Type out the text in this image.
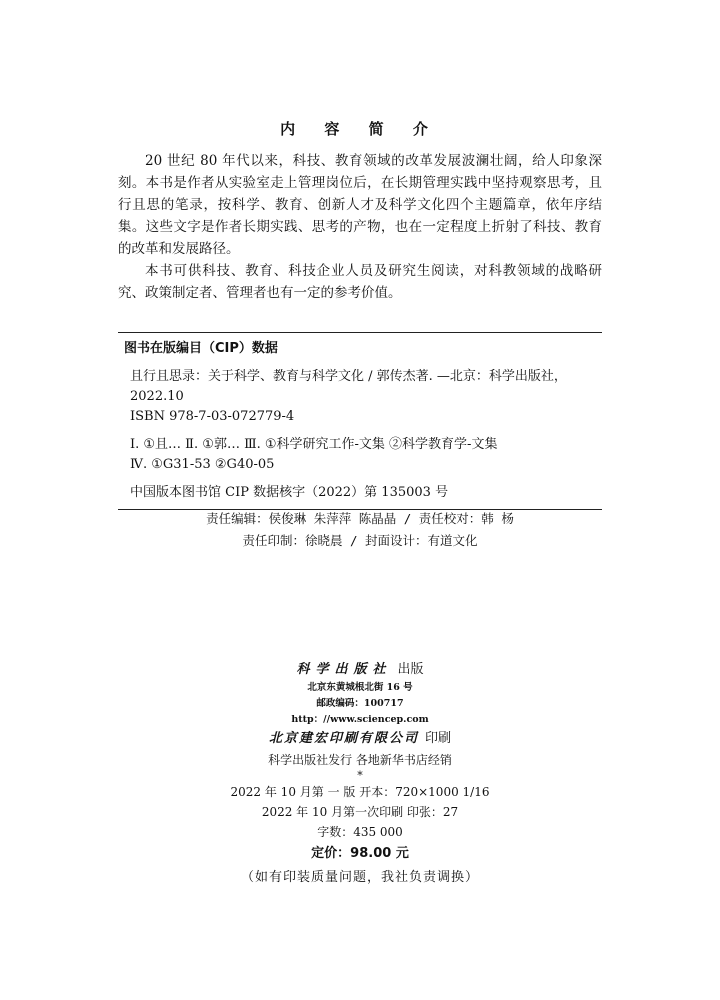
内 容 简 介

20 世纪 80 年代以来，科技、教育领域的改革发展波澜壮阔，给人印象深刻。本书是作者从实验室走上管理岗位后，在长期管理实践中坚持观察思考，且行且思的笔录，按科学、教育、创新人才及科学文化四个主题篇章，依年序结集。这些文字是作者长期实践、思考的产物，也在一定程度上折射了科技、教育的改革和发展路径。

本书可供科技、教育、科技企业人员及研究生阅读，对科教领域的战略研究、政策制定者、管理者也有一定的参考价值。

图书在版编目（CIP）数据
且行且思录：关于科学、教育与科学文化 / 郭传杰著. —北京：科学出版社，
2022.10
ISBN 978-7-03-072779-4
Ⅰ. ①且… Ⅱ. ①郭… Ⅲ. ①科学研究工作-文集 ②科学教育学-文集
Ⅳ. ①G31-53 ②G40-05
中国版本图书馆 CIP 数据核字（2022）第 135003 号
责任编辑：侯俊琳 朱萍萍 陈晶晶 / 责任校对：韩 杨
责任印制：徐晓晨 / 封面设计：有道文化
科学出版社 出版
北京东黄城根北街 16 号
邮政编码：100717
http：//www.sciencep.com
北京建宏印刷有限公司 印刷
科学出版社发行 各地新华书店经销
*
2022 年 10 月第 一 版 开本：720×1000 1/16
2022 年 10 月第一次印刷 印张：27
字数：435 000
定价：98.00 元
（如有印装质量问题，我社负责调换）
